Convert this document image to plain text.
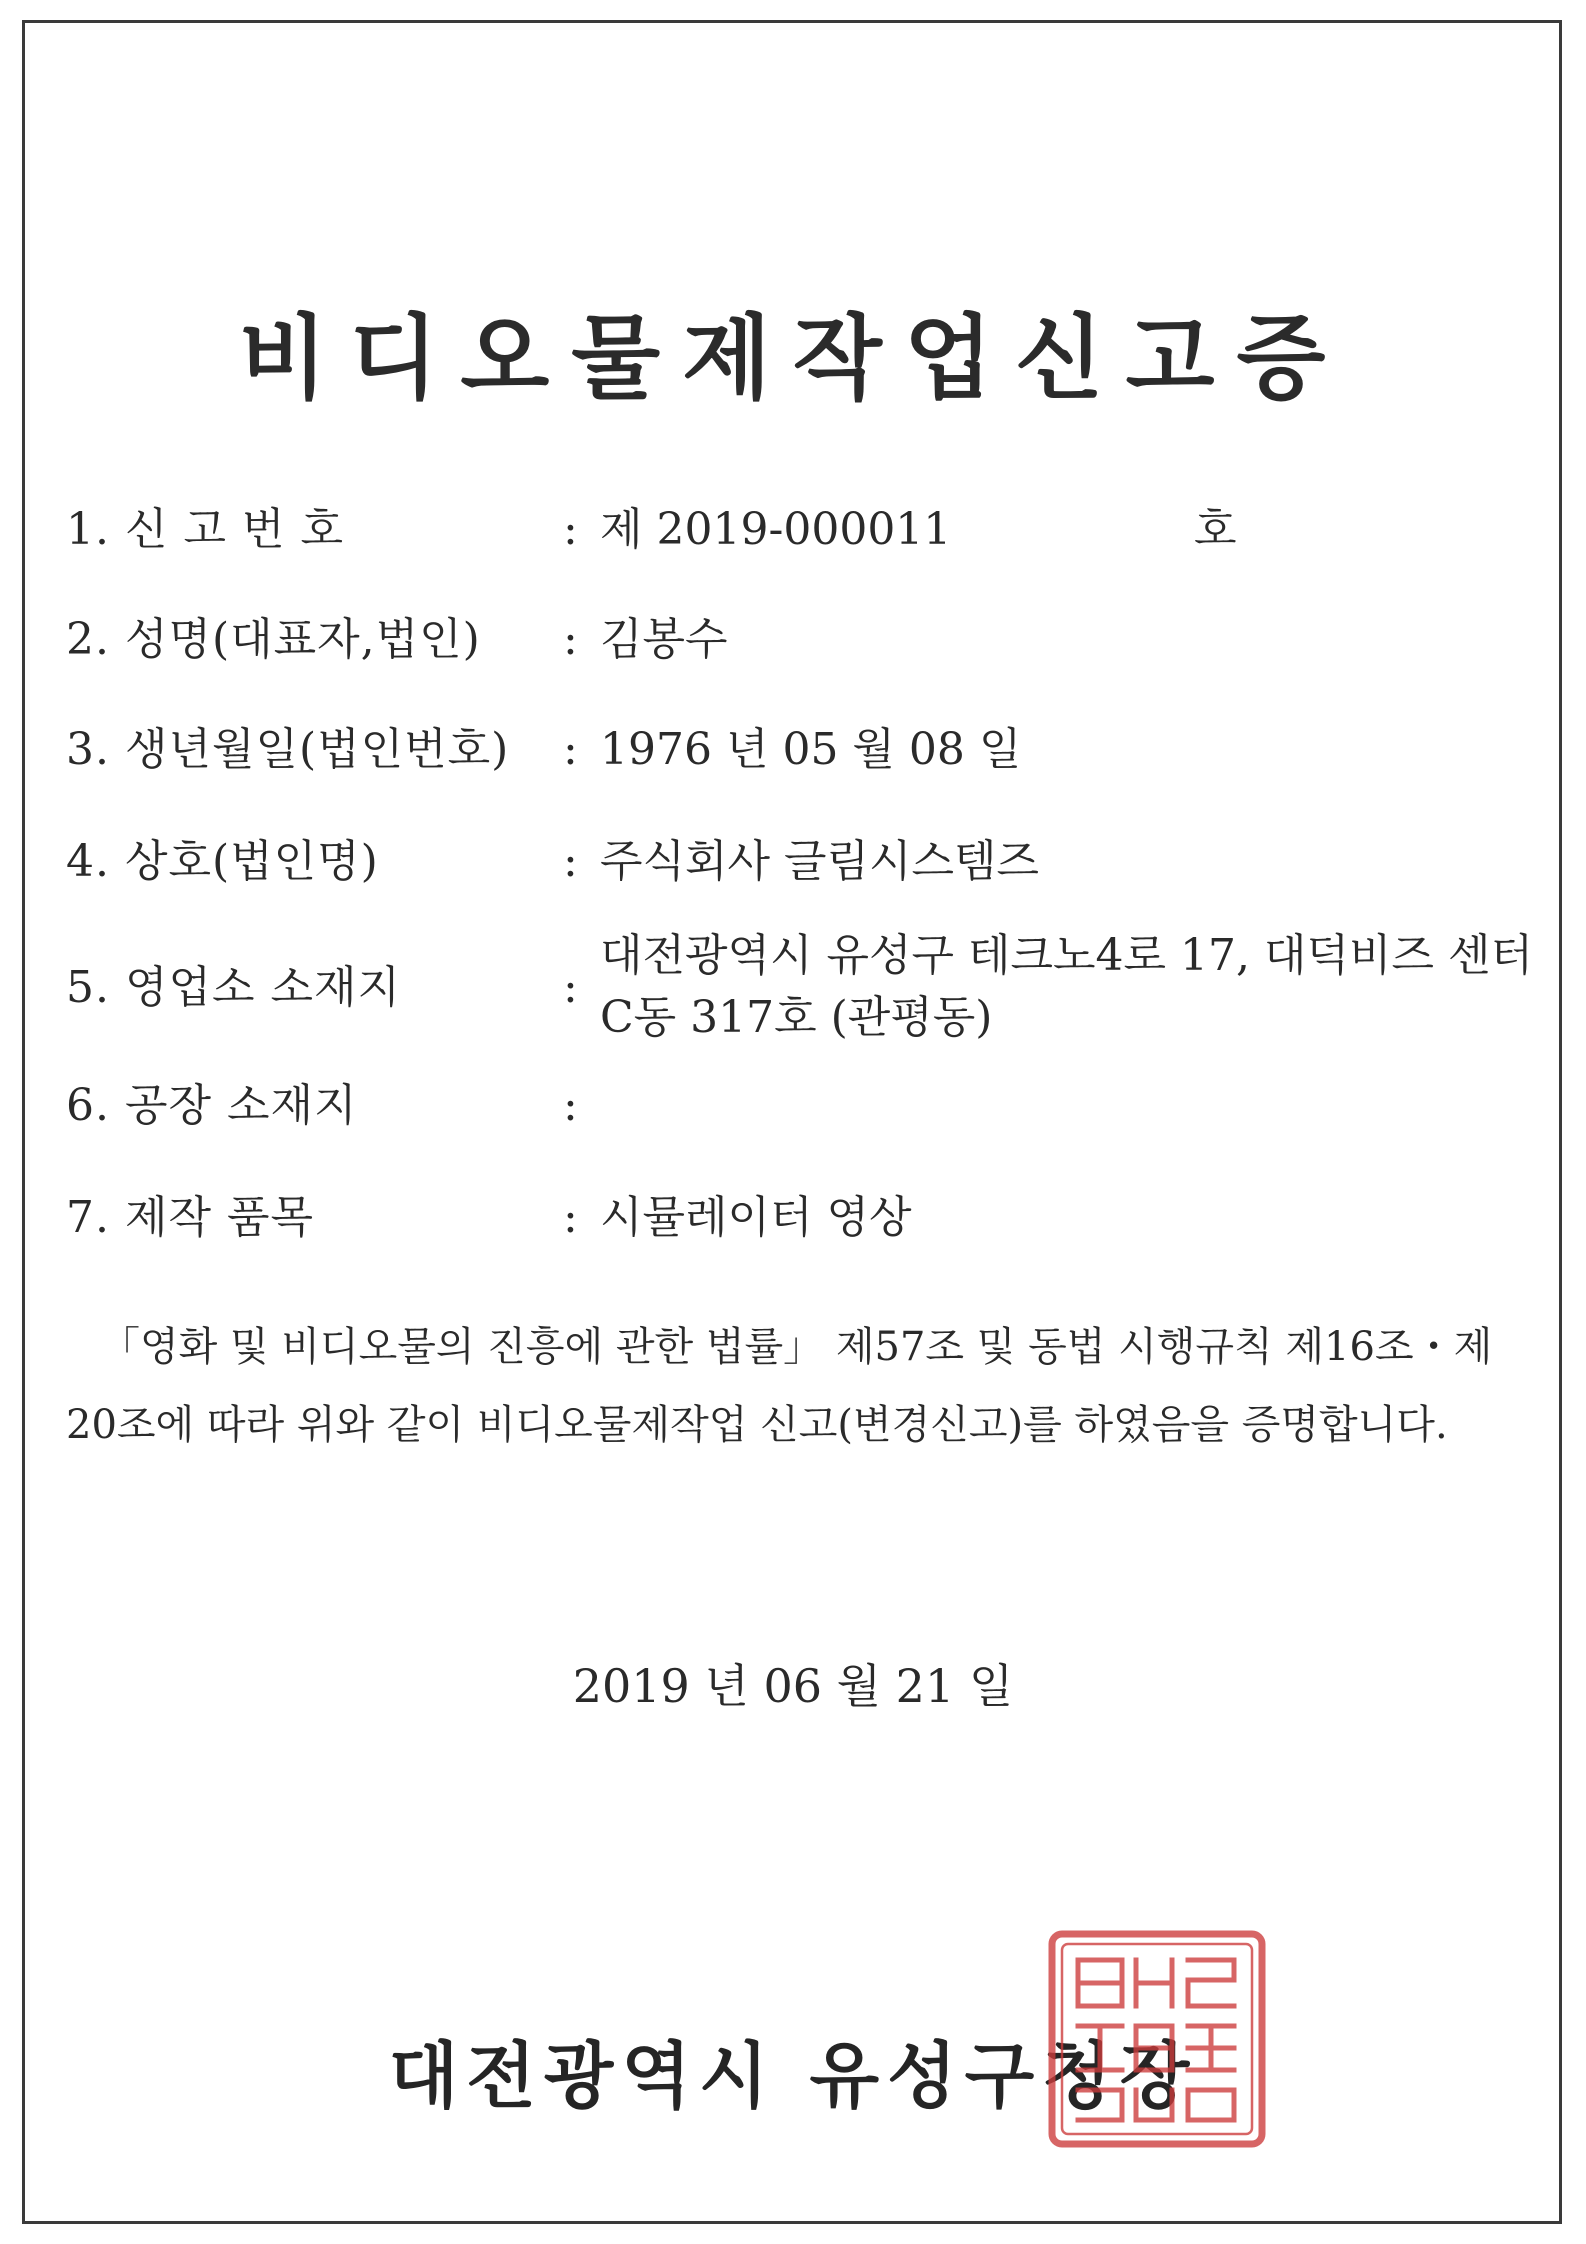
비디오물제작업신고증
1. 신 고 번 호	: 제 2019-000011	호
2. 성명(대표자,법인) : 김봉수
3. 생년월일(법인번호) : 1976 년 05 월 08 일
4. 상호(법인명)	: 주식회사 글림시스템즈
5. 영업소 소재지	:
대전광역시 유성구 테크노4로 17, 대덕비즈 센터 C동 317호 (관평동)
6. 공장 소재지	:
7. 제작 품목	: 시뮬레이터 영상
「영화 및 비디오물의 진흥에 관한 법률」 제57조 및 동법 시행규칙 제16조・제20조에 따라 위와 같이 비디오물제작업 신고(변경신고)를 하였음을 증명합니다.
2019 년 06 월 21 일
대전광역시 유성구청장
